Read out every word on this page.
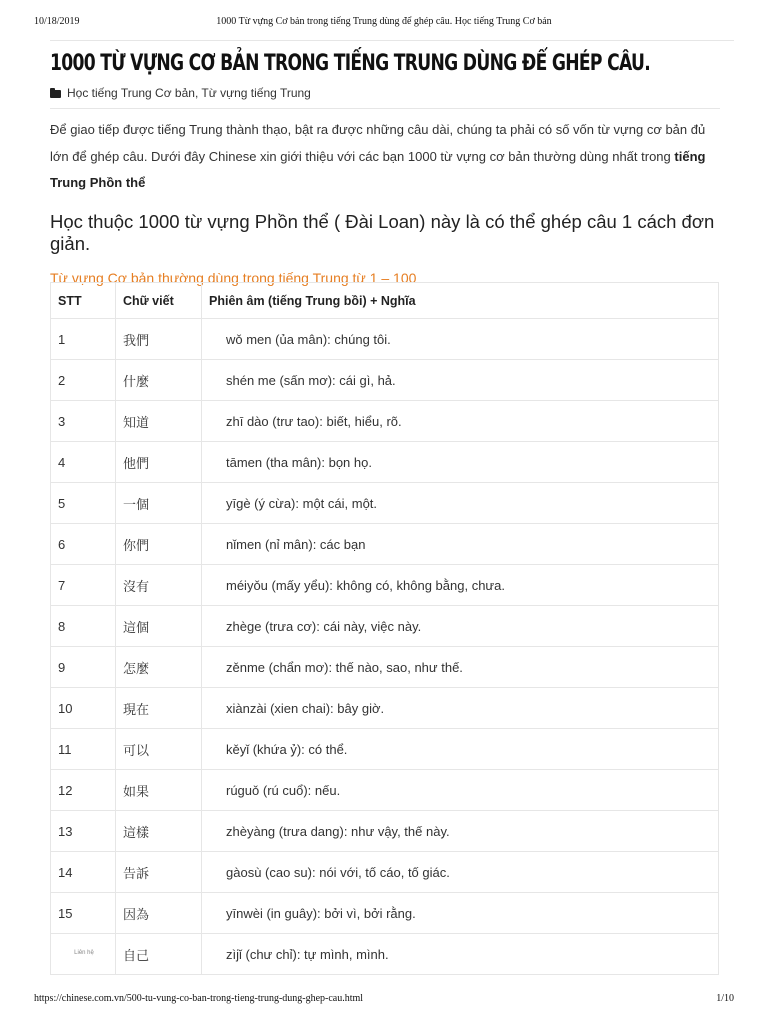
10/18/2019	1000 Từ vựng Cơ bản trong tiếng Trung dùng để ghép câu. Học tiếng Trung Cơ bản
1000 TỪ VỰNG CƠ BẢN TRONG TIẾNG TRUNG DÙNG ĐỂ GHÉP CÂU.
Học tiếng Trung Cơ bản, Từ vựng tiếng Trung

Để giao tiếp được tiếng Trung thành thạo, bật ra được những câu dài, chúng ta phải có số vốn từ vựng cơ bản đủ lớn để ghép câu. Dưới đây Chinese xin giới thiệu với các bạn 1000 từ vựng cơ bản thường dùng nhất trong tiếng Trung Phồn thể

Học thuộc 1000 từ vựng Phồn thể ( Đài Loan) này là có thể ghép câu 1 cách đơn giản.
Từ vựng Cơ bản thường dùng trong tiếng Trung từ 1 – 100
STT	Chữ viết	Phiên âm (tiếng Trung bồi) + Nghĩa
1	我們	wǒ men (ủa mân): chúng tôi.
2	什麼	shén me (sấn mơ): cái gì, hả.
3	知道	zhī dào (trư tao): biết, hiểu, rõ.
4	他們	tāmen (tha mân): bọn họ.
5	一個	yīgè (ý cừa): một cái, một.
6	你們	nǐmen (nỉ mân): các bạn
7	沒有	méiyǒu (mấy yểu): không có, không bằng, chưa.
8	這個	zhège (trưa cơ): cái này, việc này.
9	怎麼	zěnme (chẩn mơ): thế nào, sao, như thế.
10	現在	xiànzài (xien chai): bây giờ.
11	可以	kěyǐ (khứa ỷ): có thể.
12	如果	rúguǒ (rú cuổ): nếu.
13	這樣	zhèyàng (trưa dang): như vậy, thế này.
14	告訴	gàosù (cao su): nói với, tố cáo, tố giác.
15	因為	yīnwèi (in guây): bởi vì, bởi rằng.
	自己	zìjǐ (chư chỉ): tự mình, mình.
Liên hệ
https://chinese.com.vn/500-tu-vung-co-ban-trong-tieng-trung-dung-ghep-cau.html	1/10
